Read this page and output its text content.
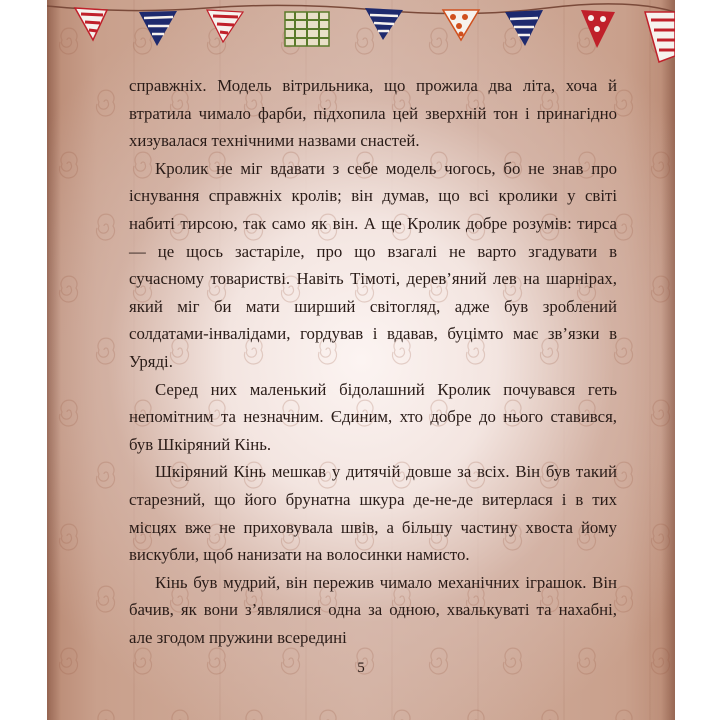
справжніх. Модель вітрильника, що прожила два літа, хоча й втратила чимало фарби, підхопила цей зверхній тон і принагідно хизувалася технічними назвами снастей.

Кролик не міг вдавати з себе модель чогось, бо не знав про існування справжніх кролів; він думав, що всі кролики у світі набиті тирсою, так само як він. А ще Кролик добре розумів: тирса — це щось застаріле, про що взагалі не варто згадувати в сучасному товаристві. Навіть Тімоті, дерев’яний лев на шарнірах, який міг би мати ширший світогляд, адже був зроблений солдатами-інвалідами, гордував і вдавав, буцімто має зв’язки в Уряді.

Серед них маленький бідолашний Кролик почувався геть непомітним та незначним. Єдиним, хто добре до нього ставився, був Шкіряний Кінь.

Шкіряний Кінь мешкав у дитячій довше за всіх. Він був такий старезний, що його брунатна шкура де-не-де витерлася і в тих місцях вже не приховувала швів, а більшу частину хвоста йому вискубли, щоб нанизати на волосинки намисто.

Кінь був мудрий, він пережив чимало механічних іграшок. Він бачив, як вони з’являлися одна за одною, хвалькуваті та нахабні, але згодом пружини всередині

5
